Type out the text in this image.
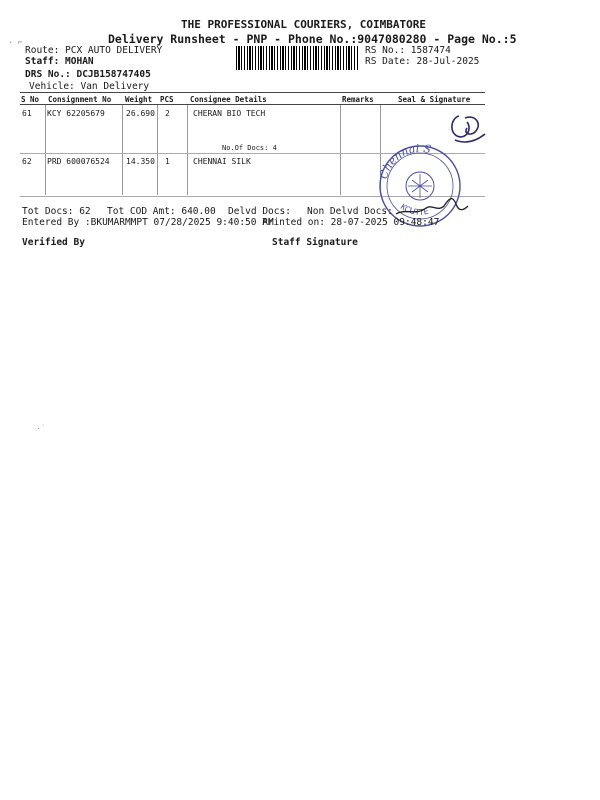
THE PROFESSIONAL COURIERS, COIMBATORE
Delivery Runsheet - PNP - Phone No.:9047080280 - Page No.:5
· ⌐
Route: PCX AUTO DELIVERY
Staff: MOHAN
DRS No.: DCJB158747405
Vehicle: Van Delivery
RS No.: 1587474
RS Date: 28-Jul-2025
S No Consignment No Weight PCS Consignee Details	Remarks	Seal & Signature
61 KCY 62205679	26.690 2	CHERAN BIO TECH
No.Of Docs: 4
62 PRD 600076524 14.350 1	CHENNAI SILK
Chennai S
KCUTTE
Tot Docs: 62 Tot COD Amt: 640.00 Delvd Docs: Non Delvd Docs:
Entered By :BKUMARMMPT 07/28/2025 9:40:50 AM
Printed on: 28-07-2025 09:48:47
Verified By	Staff Signature
·˙
